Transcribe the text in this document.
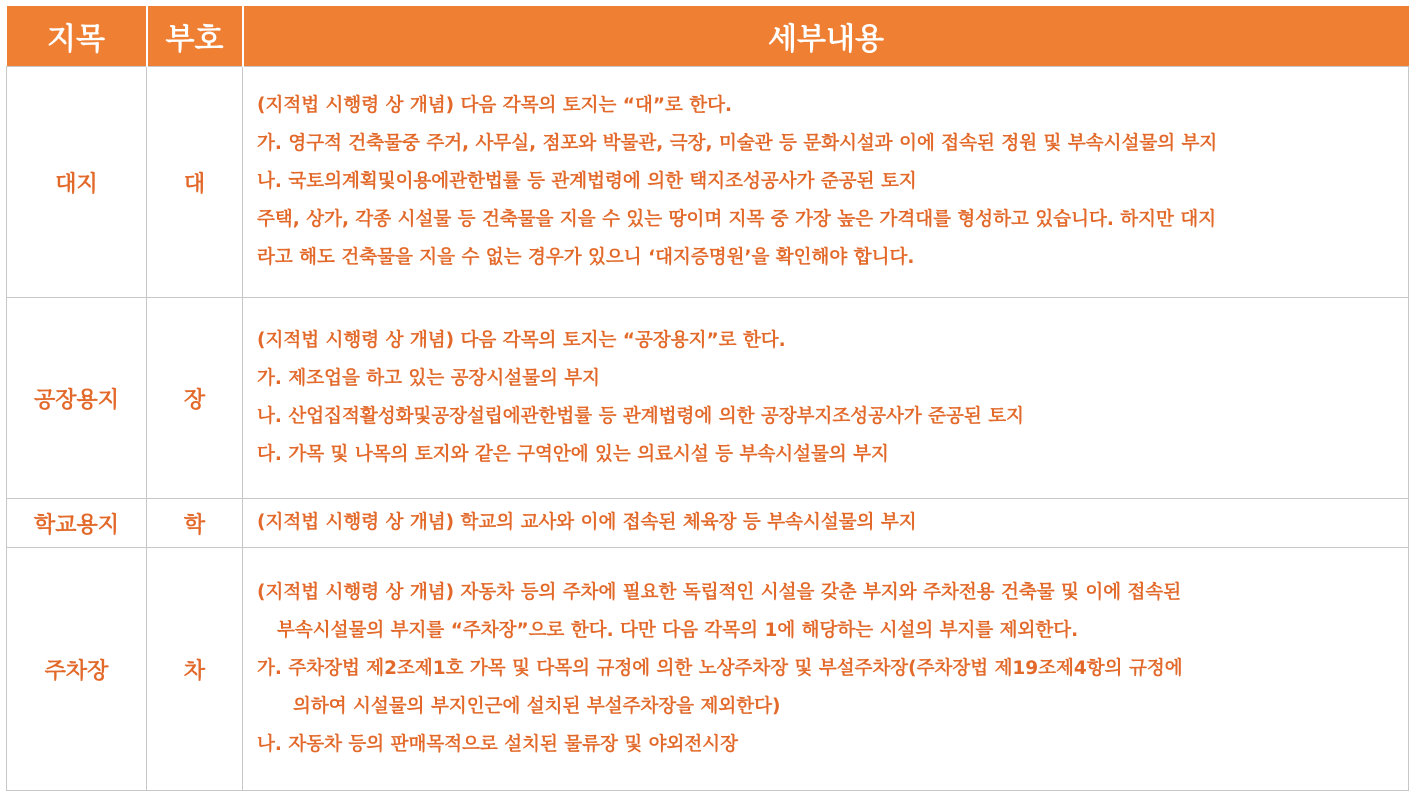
지목	부호	세부내용
대지	대	(지적법 시행령 상 개념) 다음 각목의 토지는 “대”로 한다.
가. 영구적 건축물중 주거, 사무실, 점포와 박물관, 극장, 미술관 등 문화시설과 이에 접속된 정원 및 부속시설물의 부지
나. 국토의계획및이용에관한법률 등 관계법령에 의한 택지조성공사가 준공된 토지
주택, 상가, 각종 시설물 등 건축물을 지을 수 있는 땅이며 지목 중 가장 높은 가격대를 형성하고 있습니다. 하지만 대지
라고 해도 건축물을 지을 수 없는 경우가 있으니 ‘대지증명원’을 확인해야 합니다.

공장용지	장	(지적법 시행령 상 개념) 다음 각목의 토지는 “공장용지”로 한다.
가. 제조업을 하고 있는 공장시설물의 부지
나. 산업집적활성화및공장설립에관한법률 등 관계법령에 의한 공장부지조성공사가 준공된 토지
다. 가목 및 나목의 토지와 같은 구역안에 있는 의료시설 등 부속시설물의 부지

학교용지	학	(지적법 시행령 상 개념) 학교의 교사와 이에 접속된 체육장 등 부속시설물의 부지

주차장	차	(지적법 시행령 상 개념) 자동차 등의 주차에 필요한 독립적인 시설을 갖춘 부지와 주차전용 건축물 및 이에 접속된
부속시설물의 부지를 “주차장”으로 한다. 다만 다음 각목의 1에 해당하는 시설의 부지를 제외한다.
가. 주차장법 제2조제1호 가목 및 다목의 규정에 의한 노상주차장 및 부설주차장(주차장법 제19조제4항의 규정에
의하여 시설물의 부지인근에 설치된 부설주차장을 제외한다)
나. 자동차 등의 판매목적으로 설치된 물류장 및 야외전시장
